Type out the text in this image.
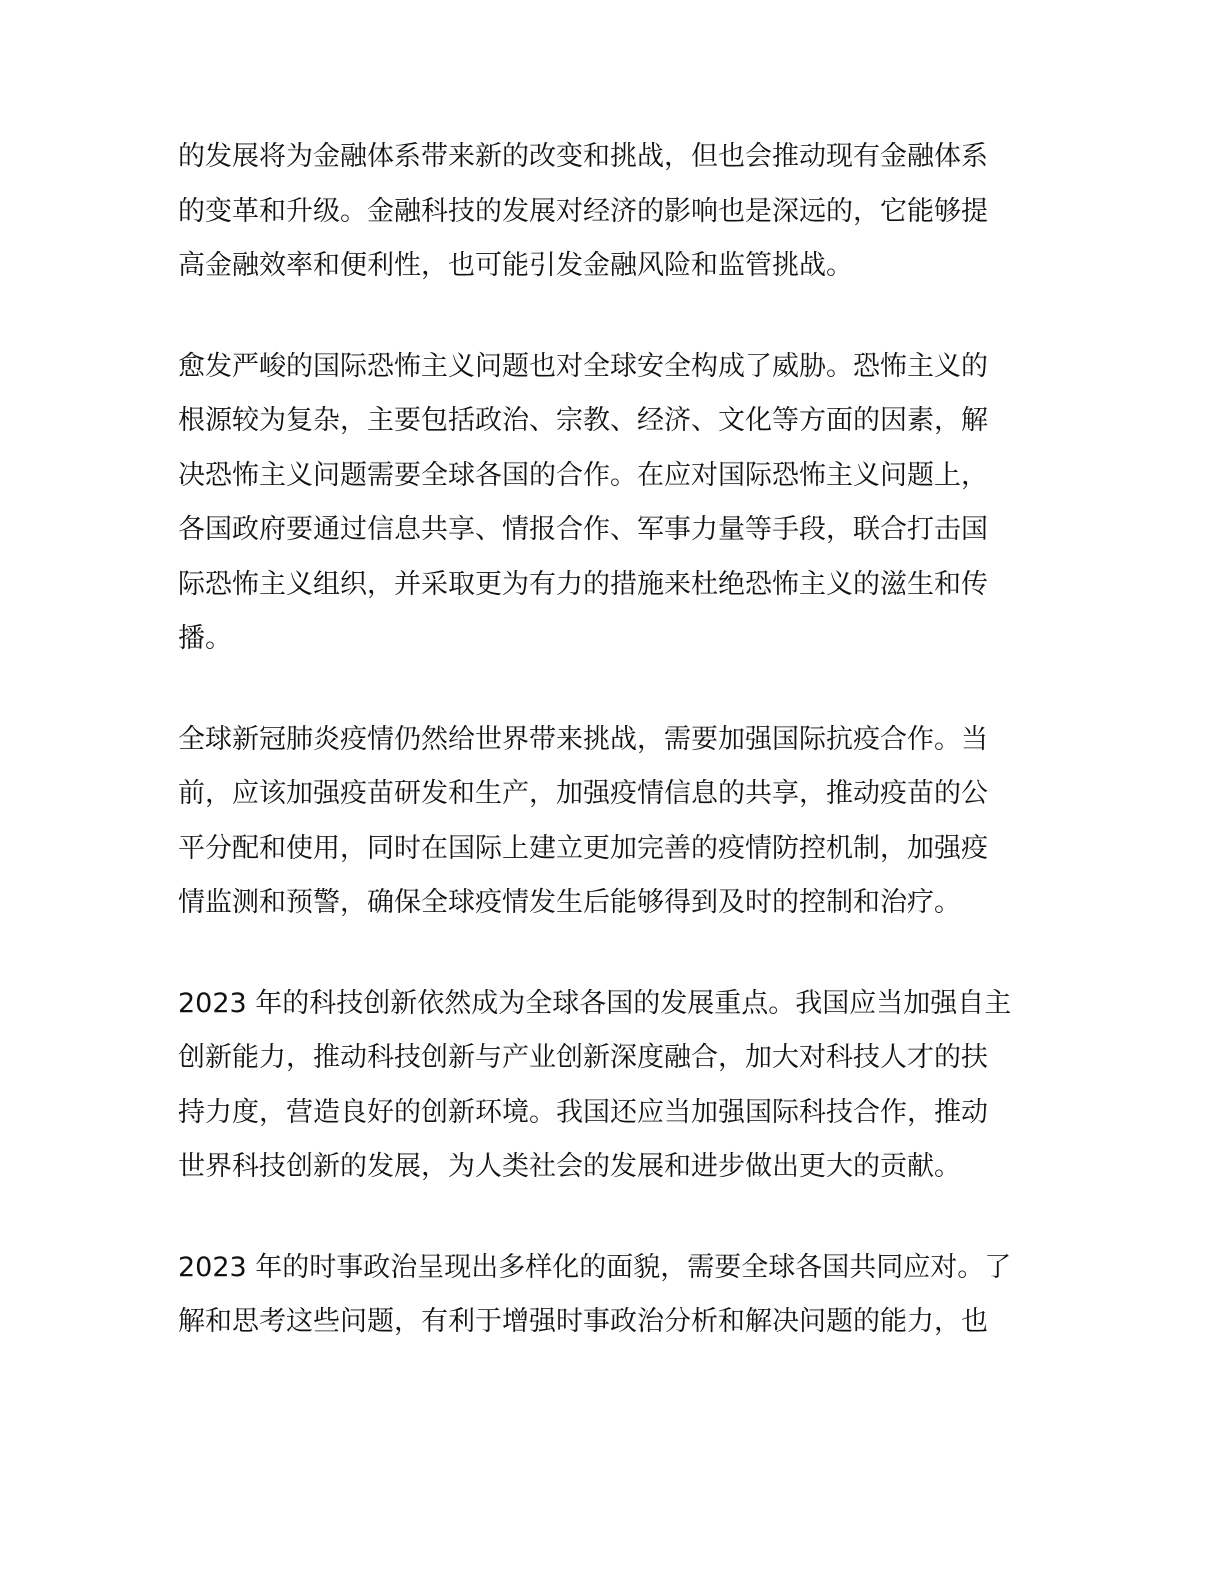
的发展将为金融体系带来新的改变和挑战，但也会推动现有金融体系
的变革和升级。金融科技的发展对经济的影响也是深远的，它能够提
高金融效率和便利性，也可能引发金融风险和监管挑战。

愈发严峻的国际恐怖主义问题也对全球安全构成了威胁。恐怖主义的
根源较为复杂，主要包括政治、宗教、经济、文化等方面的因素，解
决恐怖主义问题需要全球各国的合作。在应对国际恐怖主义问题上，
各国政府要通过信息共享、情报合作、军事力量等手段，联合打击国
际恐怖主义组织，并采取更为有力的措施来杜绝恐怖主义的滋生和传
播。

全球新冠肺炎疫情仍然给世界带来挑战，需要加强国际抗疫合作。当
前，应该加强疫苗研发和生产，加强疫情信息的共享，推动疫苗的公
平分配和使用，同时在国际上建立更加完善的疫情防控机制，加强疫
情监测和预警，确保全球疫情发生后能够得到及时的控制和治疗。

2023 年的科技创新依然成为全球各国的发展重点。我国应当加强自主
创新能力，推动科技创新与产业创新深度融合，加大对科技人才的扶
持力度，营造良好的创新环境。我国还应当加强国际科技合作，推动
世界科技创新的发展，为人类社会的发展和进步做出更大的贡献。

2023 年的时事政治呈现出多样化的面貌，需要全球各国共同应对。了
解和思考这些问题，有利于增强时事政治分析和解决问题的能力，也
